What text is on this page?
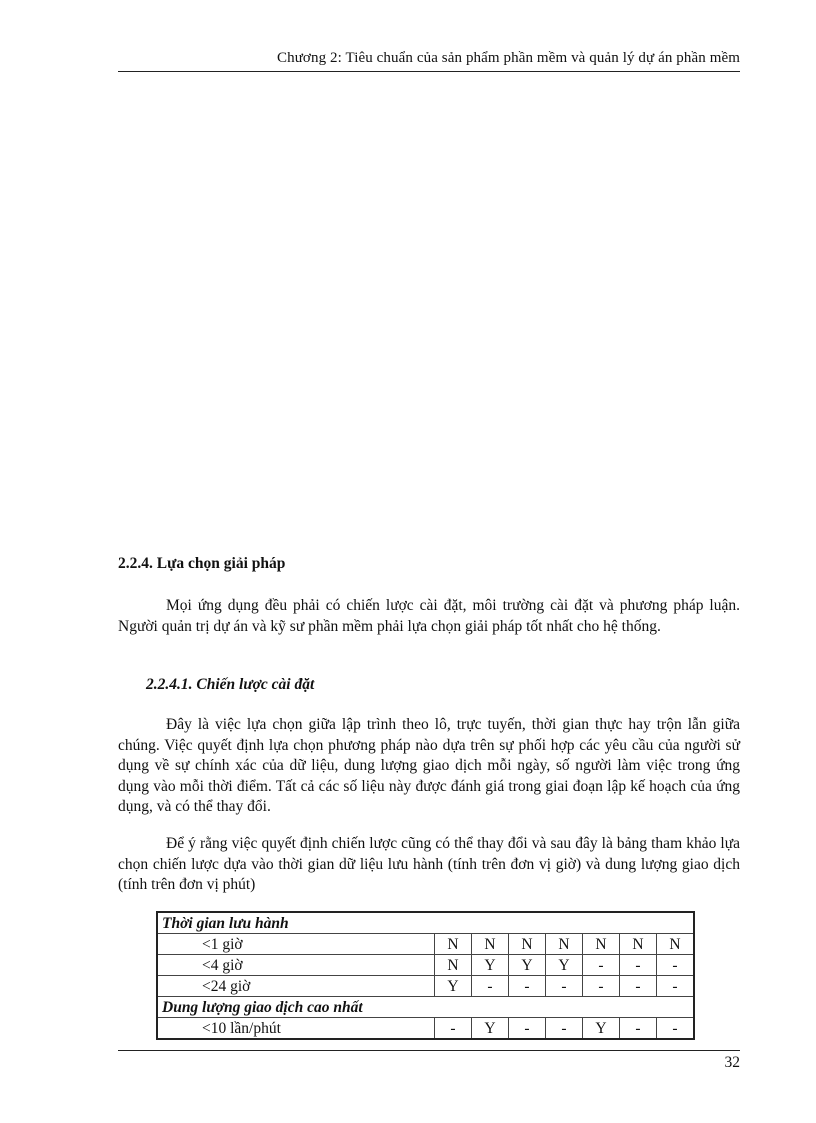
Chương 2: Tiêu chuẩn của sản phẩm phần mềm và quản lý dự án phần mềm
2.2.4. Lựa chọn giải pháp

Mọi ứng dụng đều phải có chiến lược cài đặt, môi trường cài đặt và phương pháp luận. Người quản trị dự án và kỹ sư phần mềm phải lựa chọn giải pháp tốt nhất cho hệ thống.

2.2.4.1. Chiến lược cài đặt

Đây là việc lựa chọn giữa lập trình theo lô, trực tuyến, thời gian thực hay trộn lẫn giữa chúng. Việc quyết định lựa chọn phương pháp nào dựa trên sự phối hợp các yêu cầu của người sử dụng về sự chính xác của dữ liệu, dung lượng giao dịch mỗi ngày, số người làm việc trong ứng dụng vào mỗi thời điểm. Tất cả các số liệu này được đánh giá trong giai đoạn lập kế hoạch của ứng dụng, và có thể thay đổi.

Để ý rằng việc quyết định chiến lược cũng có thể thay đổi và sau đây là bảng tham khảo lựa chọn chiến lược dựa vào thời gian dữ liệu lưu hành (tính trên đơn vị giờ) và dung lượng giao dịch (tính trên đơn vị phút)

Thời gian lưu hành							
<1 giờ	N	N	N	N	N	N	N
<4 giờ	N	Y	Y	Y	-	-	-
<24 giờ	Y	-	-	-	-	-	-
Dung lượng giao dịch cao nhất							
<10 lần/phút	-	Y	-	-	Y	-	-
32
